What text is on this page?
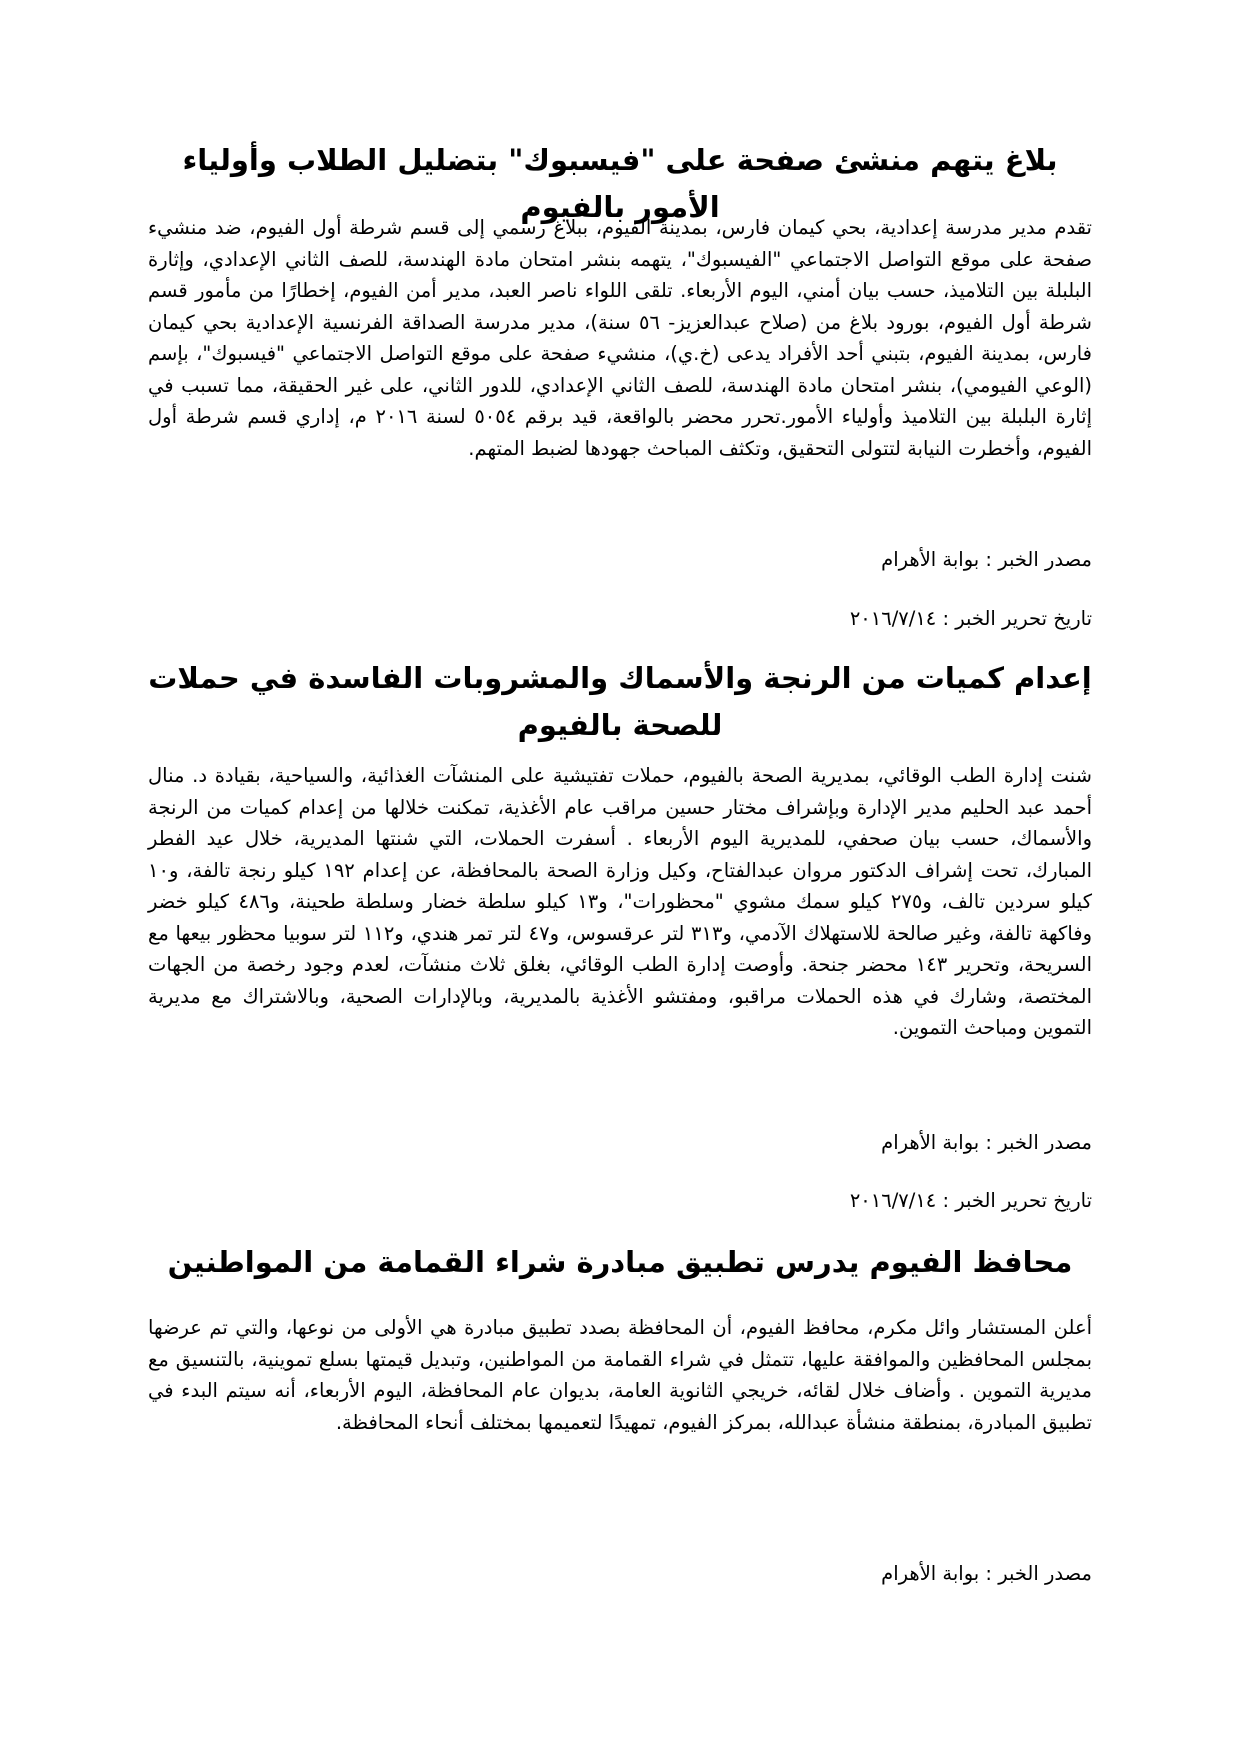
بلاغ يتهم منشئ صفحة على "فيسبوك" بتضليل الطلاب وأولياء الأمور بالفيوم

تقدم مدير مدرسة إعدادية، بحي كيمان فارس، بمدينة الفيوم، ببلاغ رسمي إلى قسم شرطة أول الفيوم، ضد منشيء صفحة على موقع التواصل الاجتماعي "الفيسبوك"، يتهمه بنشر امتحان مادة الهندسة، للصف الثاني الإعدادي، وإثارة البلبلة بين التلاميذ، حسب بيان أمني، اليوم الأربعاء. تلقى اللواء ناصر العبد، مدير أمن الفيوم، إخطارًا من مأمور قسم شرطة أول الفيوم، بورود بلاغ من (صلاح عبدالعزيز- ٥٦ سنة)، مدير مدرسة الصداقة الفرنسية الإعدادية بحي كيمان فارس، بمدينة الفيوم، بتبني أحد الأفراد يدعى (خ.ي)، منشيء صفحة على موقع التواصل الاجتماعي "فيسبوك"، بإسم (الوعي الفيومي)، بنشر امتحان مادة الهندسة، للصف الثاني الإعدادي، للدور الثاني، على غير الحقيقة، مما تسبب في إثارة البلبلة بين التلاميذ وأولياء الأمور.تحرر محضر بالواقعة، قيد برقم ٥٠٥٤ لسنة ٢٠١٦ م، إداري قسم شرطة أول الفيوم، وأخطرت النيابة لتتولى التحقيق، وتكثف المباحث جهودها لضبط المتهم.

مصدر الخبر : بوابة الأهرام

تاريخ تحرير الخبر : ٢٠١٦/٧/١٤

إعدام كميات من الرنجة والأسماك والمشروبات الفاسدة في حملات للصحة بالفيوم

شنت إدارة الطب الوقائي، بمديرية الصحة بالفيوم، حملات تفتيشية على المنشآت الغذائية، والسياحية، بقيادة د. منال أحمد عبد الحليم مدير الإدارة وبإشراف مختار حسين مراقب عام الأغذية، تمكنت خلالها من إعدام كميات من الرنجة والأسماك، حسب بيان صحفي، للمديرية اليوم الأربعاء . أسفرت الحملات، التي شنتها المديرية، خلال عيد الفطر المبارك، تحت إشراف الدكتور مروان عبدالفتاح، وكيل وزارة الصحة بالمحافظة، عن إعدام ١٩٢ كيلو رنجة تالفة، و١٠ كيلو سردين تالف، و٢٧٥ كيلو سمك مشوي "محظورات"، و١٣ كيلو سلطة خضار وسلطة طحينة، و٤٨٦ كيلو خضر وفاكهة تالفة، وغير صالحة للاستهلاك الآدمي، و٣١٣ لتر عرقسوس، و٤٧ لتر تمر هندي، و١١٢ لتر سوبيا محظور بيعها مع السريحة، وتحرير ١٤٣ محضر جنحة. وأوصت إدارة الطب الوقائي، بغلق ثلاث منشآت، لعدم وجود رخصة من الجهات المختصة، وشارك في هذه الحملات مراقبو، ومفتشو الأغذية بالمديرية، وبالإدارات الصحية، وبالاشتراك مع مديرية التموين ومباحث التموين.

مصدر الخبر : بوابة الأهرام

تاريخ تحرير الخبر : ٢٠١٦/٧/١٤

محافظ الفيوم يدرس تطبيق مبادرة شراء القمامة من المواطنين

أعلن المستشار وائل مكرم، محافظ الفيوم، أن المحافظة بصدد تطبيق مبادرة هي الأولى من نوعها، والتي تم عرضها بمجلس المحافظين والموافقة عليها، تتمثل في شراء القمامة من المواطنين، وتبديل قيمتها بسلع تموينية، بالتنسيق مع مديرية التموين . وأضاف خلال لقائه، خريجي الثانوية العامة، بديوان عام المحافظة، اليوم الأربعاء، أنه سيتم البدء في تطبيق المبادرة، بمنطقة منشأة عبدالله، بمركز الفيوم، تمهيدًا لتعميمها بمختلف أنحاء المحافظة.

مصدر الخبر : بوابة الأهرام
